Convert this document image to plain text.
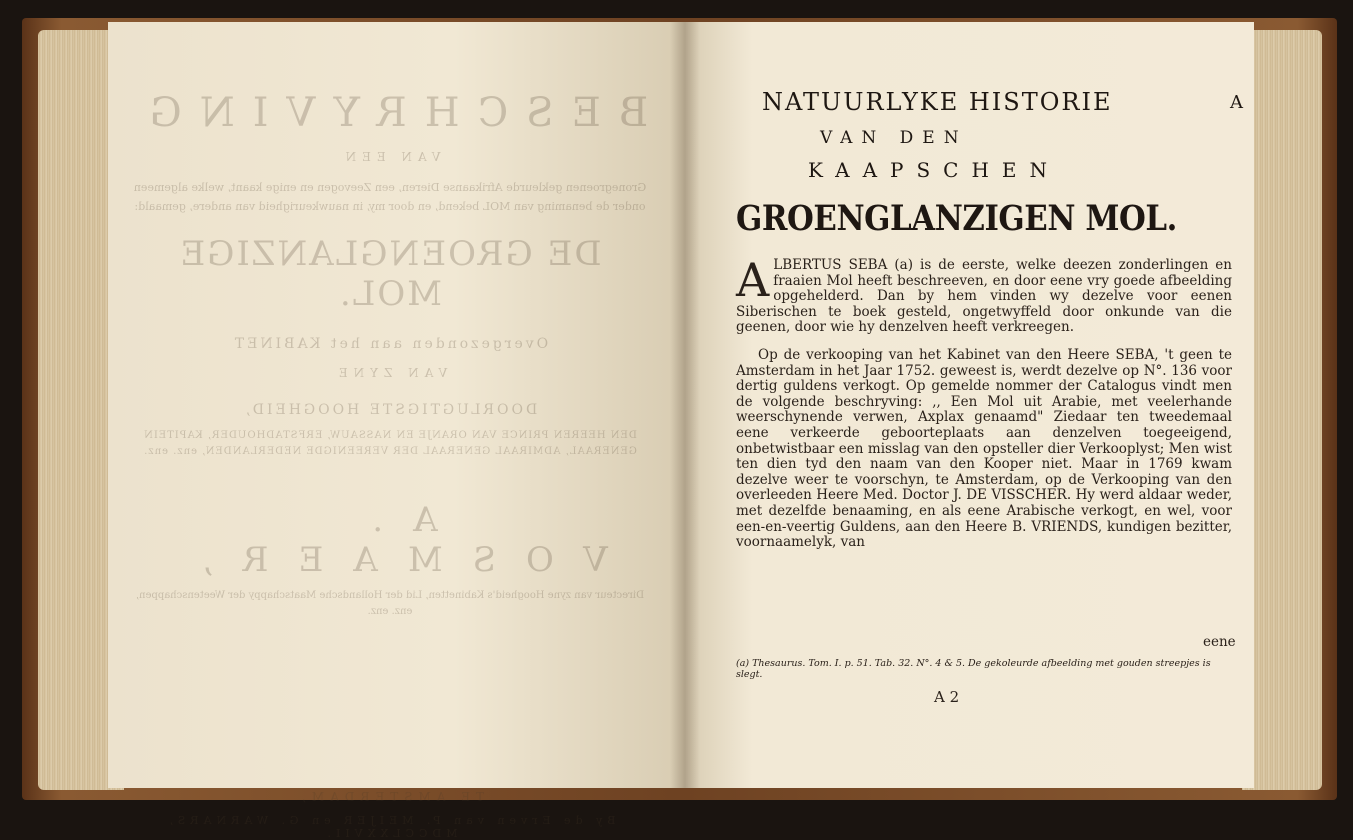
BESCHRYVING
VAN EEN
Gronegroenen gekleurde Afrikaanse Dieren, een Zeevogen en enige kaant, welke algemeen onder de benaming van MOL bekend, en door my, in nauwkeurigheid van andere, gemaald:
DE GROENGLANZIGE MOL.
Overgezonden aan het KABINET
VAN ZYNE
DOORLUGTIGSTE HOOGHEID,
DEN HEEREN PRINCE VAN ORANJE EN NASSAUW, ERFSTADHOUDER, KAPITEIN GENERAAL, ADMIRAAL GENERAAL DER VEREENIGDE NEDERLANDEN, enz. enz.
A. VOSMAER,
Directeur van zyne Hoogheid's Kabinetten, Lid der Hollandsche Maatschappy der Weetenschappen, enz. enz.
TE AMSTERDAM,
By de Erven van P. MEIJER en G. WARNARS, MDCCLXXVII.
NATUURLYKE HISTORIE	A
VAN DEN
KAAPSCHEN
GROENGLANZIGEN MOL.

ALBERTUS SEBA (a) is de eerste, welke deezen zonderlingen en fraaien Mol heeft beschreeven, en door eene vry goede afbeelding opgehelderd. Dan by hem vinden wy dezelve voor eenen Siberischen te boek gesteld, ongetwyffeld door onkunde van die geenen, door wie hy denzelven heeft verkreegen.

Op de verkooping van het Kabinet van den Heere SEBA, 't geen te Amsterdam in het Jaar 1752. geweest is, werdt dezelve op N°. 136 voor dertig guldens verkogt. Op gemelde nommer der Catalogus vindt men de volgende beschryving: ,, Een Mol uit Arabie, met veelerhande weerschynende verwen, Axplax genaamd" Ziedaar ten tweedemaal eene verkeerde geboorteplaats aan denzelven toegeeigend, onbetwistbaar een misslag van den opsteller dier Verkooplyst; Men wist ten dien tyd den naam van den Kooper niet. Maar in 1769 kwam dezelve weer te voorschyn, te Amsterdam, op de Verkooping van den overleeden Heere Med. Doctor J. DE VISSCHER. Hy werd aldaar weder, met dezelfde benaaming, en als eene Arabische verkogt, en wel, voor een-en-veertig Guldens, aan den Heere B. VRIENDS, kundigen bezitter, voornaamelyk, van

eene
(a) Thesaurus. Tom. I. p. 51. Tab. 32. N°. 4 & 5. De gekoleurde afbeelding met gouden streepjes is slegt.
A 2
